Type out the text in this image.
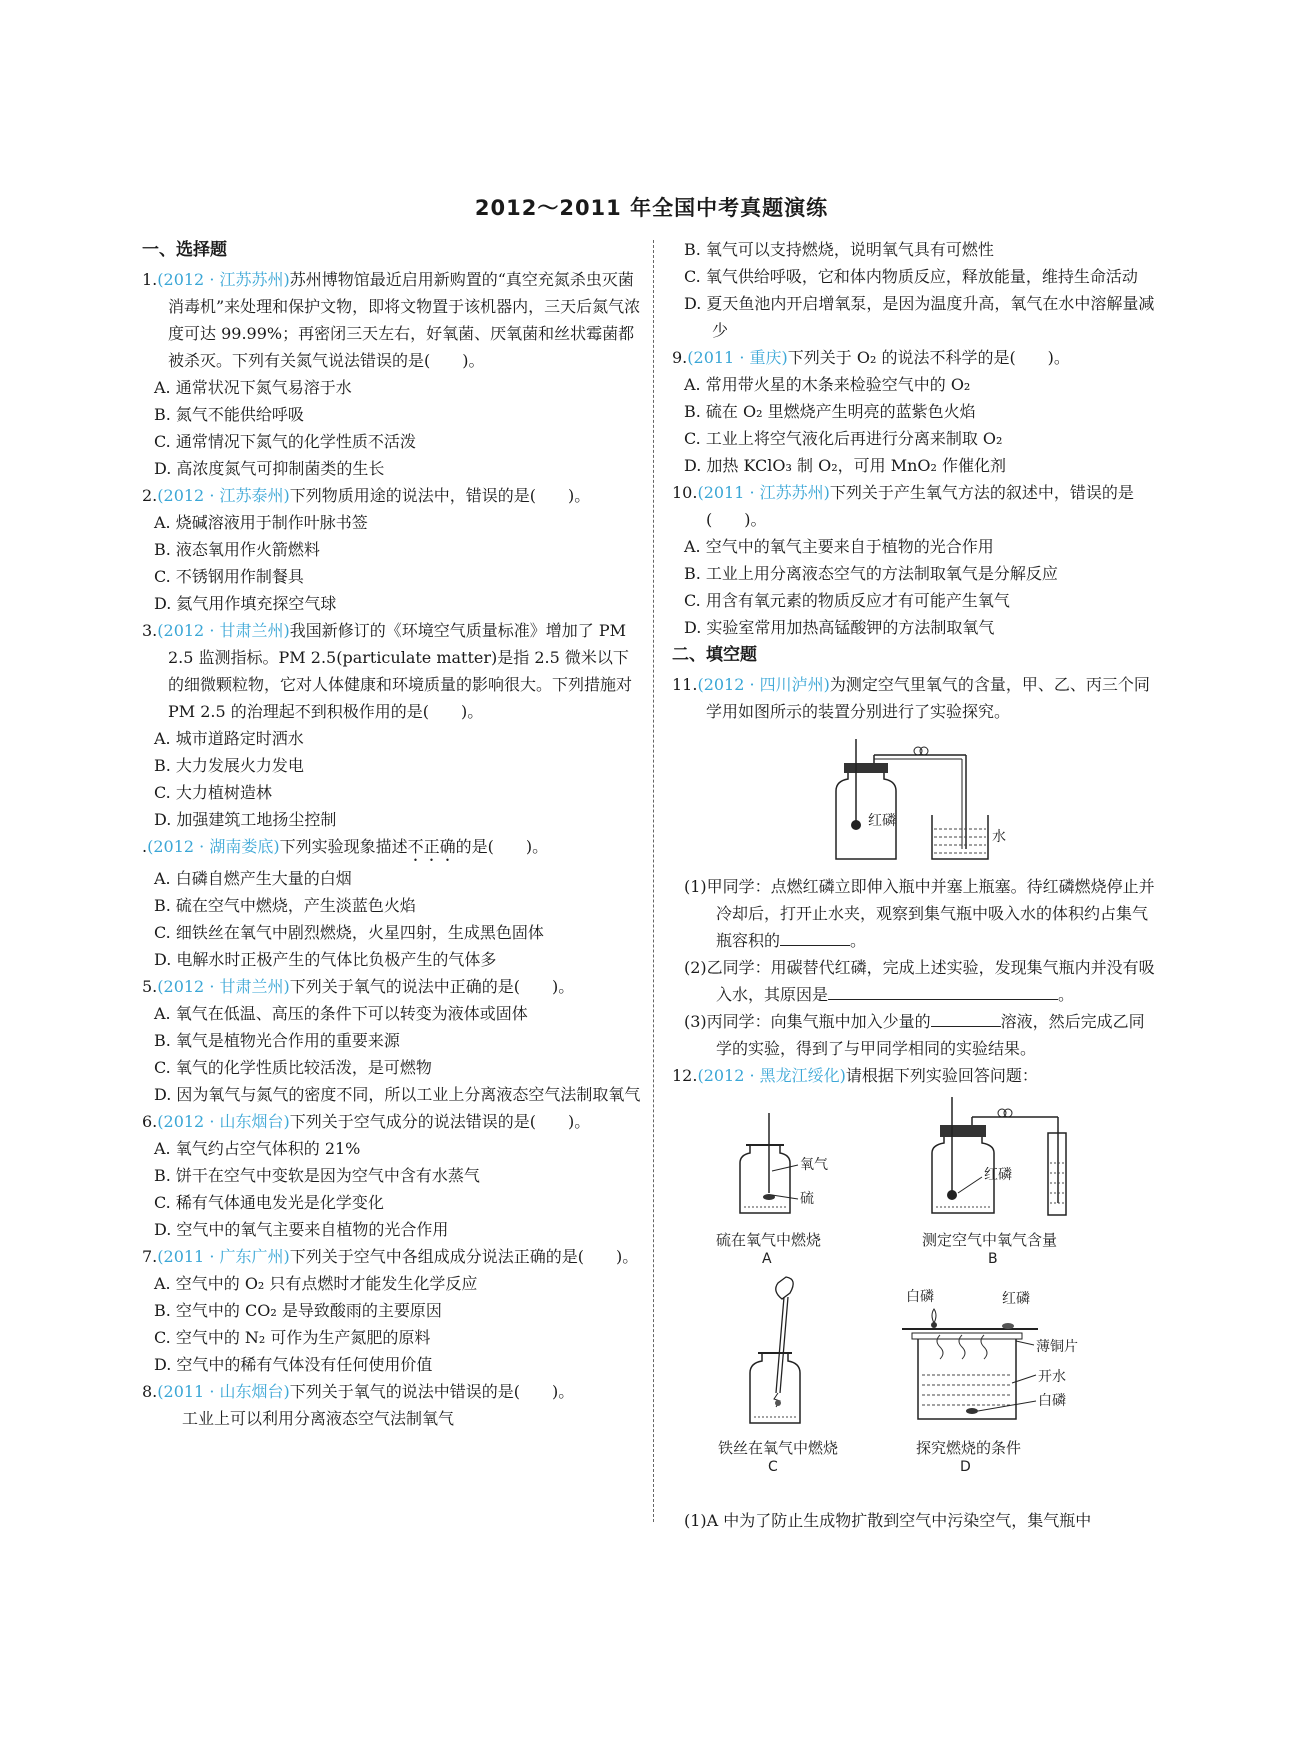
2012～2011 年全国中考真题演练
一、选择题
1.(2012 · 江苏苏州)苏州博物馆最近启用新购置的“真空充氮杀虫灭菌消毒机”来处理和保护文物，即将文物置于该机器内，三天后氮气浓度可达 99.99%；再密闭三天左右，好氧菌、厌氧菌和丝状霉菌都被杀灭。下列有关氮气说法错误的是(　　)。
A. 通常状况下氮气易溶于水
B. 氮气不能供给呼吸
C. 通常情况下氮气的化学性质不活泼
D. 高浓度氮气可抑制菌类的生长
2.(2012 · 江苏泰州)下列物质用途的说法中，错误的是(　　)。
A. 烧碱溶液用于制作叶脉书签
B. 液态氧用作火箭燃料
C. 不锈钢用作制餐具
D. 氦气用作填充探空气球
3.(2012 · 甘肃兰州)我国新修订的《环境空气质量标准》增加了 PM 2.5 监测指标。PM 2.5(particulate matter)是指 2.5 微米以下的细微颗粒物，它对人体健康和环境质量的影响很大。下列措施对 PM 2.5 的治理起不到积极作用的是(　　)。
A. 城市道路定时洒水
B. 大力发展火力发电
C. 大力植树造林
D. 加强建筑工地扬尘控制
.(2012 · 湖南娄底)下列实验现象描述不正确的是(　　)。
A. 白磷自燃产生大量的白烟
B. 硫在空气中燃烧，产生淡蓝色火焰
C. 细铁丝在氧气中剧烈燃烧，火星四射，生成黑色固体
D. 电解水时正极产生的气体比负极产生的气体多
5.(2012 · 甘肃兰州)下列关于氧气的说法中正确的是(　　)。
A. 氧气在低温、高压的条件下可以转变为液体或固体
B. 氧气是植物光合作用的重要来源
C. 氧气的化学性质比较活泼，是可燃物
D. 因为氧气与氮气的密度不同，所以工业上分离液态空气法制取氧气
6.(2012 · 山东烟台)下列关于空气成分的说法错误的是(　　)。
A. 氧气约占空气体积的 21%
B. 饼干在空气中变软是因为空气中含有水蒸气
C. 稀有气体通电发光是化学变化
D. 空气中的氧气主要来自植物的光合作用
7.(2011 · 广东广州)下列关于空气中各组成成分说法正确的是(　　)。
A. 空气中的 O₂ 只有点燃时才能发生化学反应
B. 空气中的 CO₂ 是导致酸雨的主要原因
C. 空气中的 N₂ 可作为生产氮肥的原料
D. 空气中的稀有气体没有任何使用价值
8.(2011 · 山东烟台)下列关于氧气的说法中错误的是(　　)。
工业上可以利用分离液态空气法制氧气
B. 氧气可以支持燃烧，说明氧气具有可燃性
C. 氧气供给呼吸，它和体内物质反应，释放能量，维持生命活动
D. 夏天鱼池内开启增氧泵，是因为温度升高，氧气在水中溶解量减少
9.(2011 · 重庆)下列关于 O₂ 的说法不科学的是(　　)。
A. 常用带火星的木条来检验空气中的 O₂
B. 硫在 O₂ 里燃烧产生明亮的蓝紫色火焰
C. 工业上将空气液化后再进行分离来制取 O₂
D. 加热 KClO₃ 制 O₂，可用 MnO₂ 作催化剂
10.(2011 · 江苏苏州)下列关于产生氧气方法的叙述中，错误的是(　　)。
A. 空气中的氧气主要来自于植物的光合作用
B. 工业上用分离液态空气的方法制取氧气是分解反应
C. 用含有氧元素的物质反应才有可能产生氧气
D. 实验室常用加热高锰酸钾的方法制取氧气
二、填空题
11.(2012 · 四川泸州)为测定空气里氧气的含量，甲、乙、丙三个同学用如图所示的装置分别进行了实验探究。
红磷
水
(1)甲同学：点燃红磷立即伸入瓶中并塞上瓶塞。待红磷燃烧停止并冷却后，打开止水夹，观察到集气瓶中吸入水的体积约占集气瓶容积的	。
(2)乙同学：用碳替代红磷，完成上述实验，发现集气瓶内并没有吸入水，其原因是	。
(3)丙同学：向集气瓶中加入少量的	溶液，然后完成乙同学的实验，得到了与甲同学相同的实验结果。
12.(2012 · 黑龙江绥化)请根据下列实验回答问题：
氧气
硫
硫在氧气中燃烧
A
红磷
测定空气中氧气含量
B
铁丝在氧气中燃烧
C
白磷	红磷
薄铜片
开水
白磷
探究燃烧的条件
D
(1)A 中为了防止生成物扩散到空气中污染空气，集气瓶中
